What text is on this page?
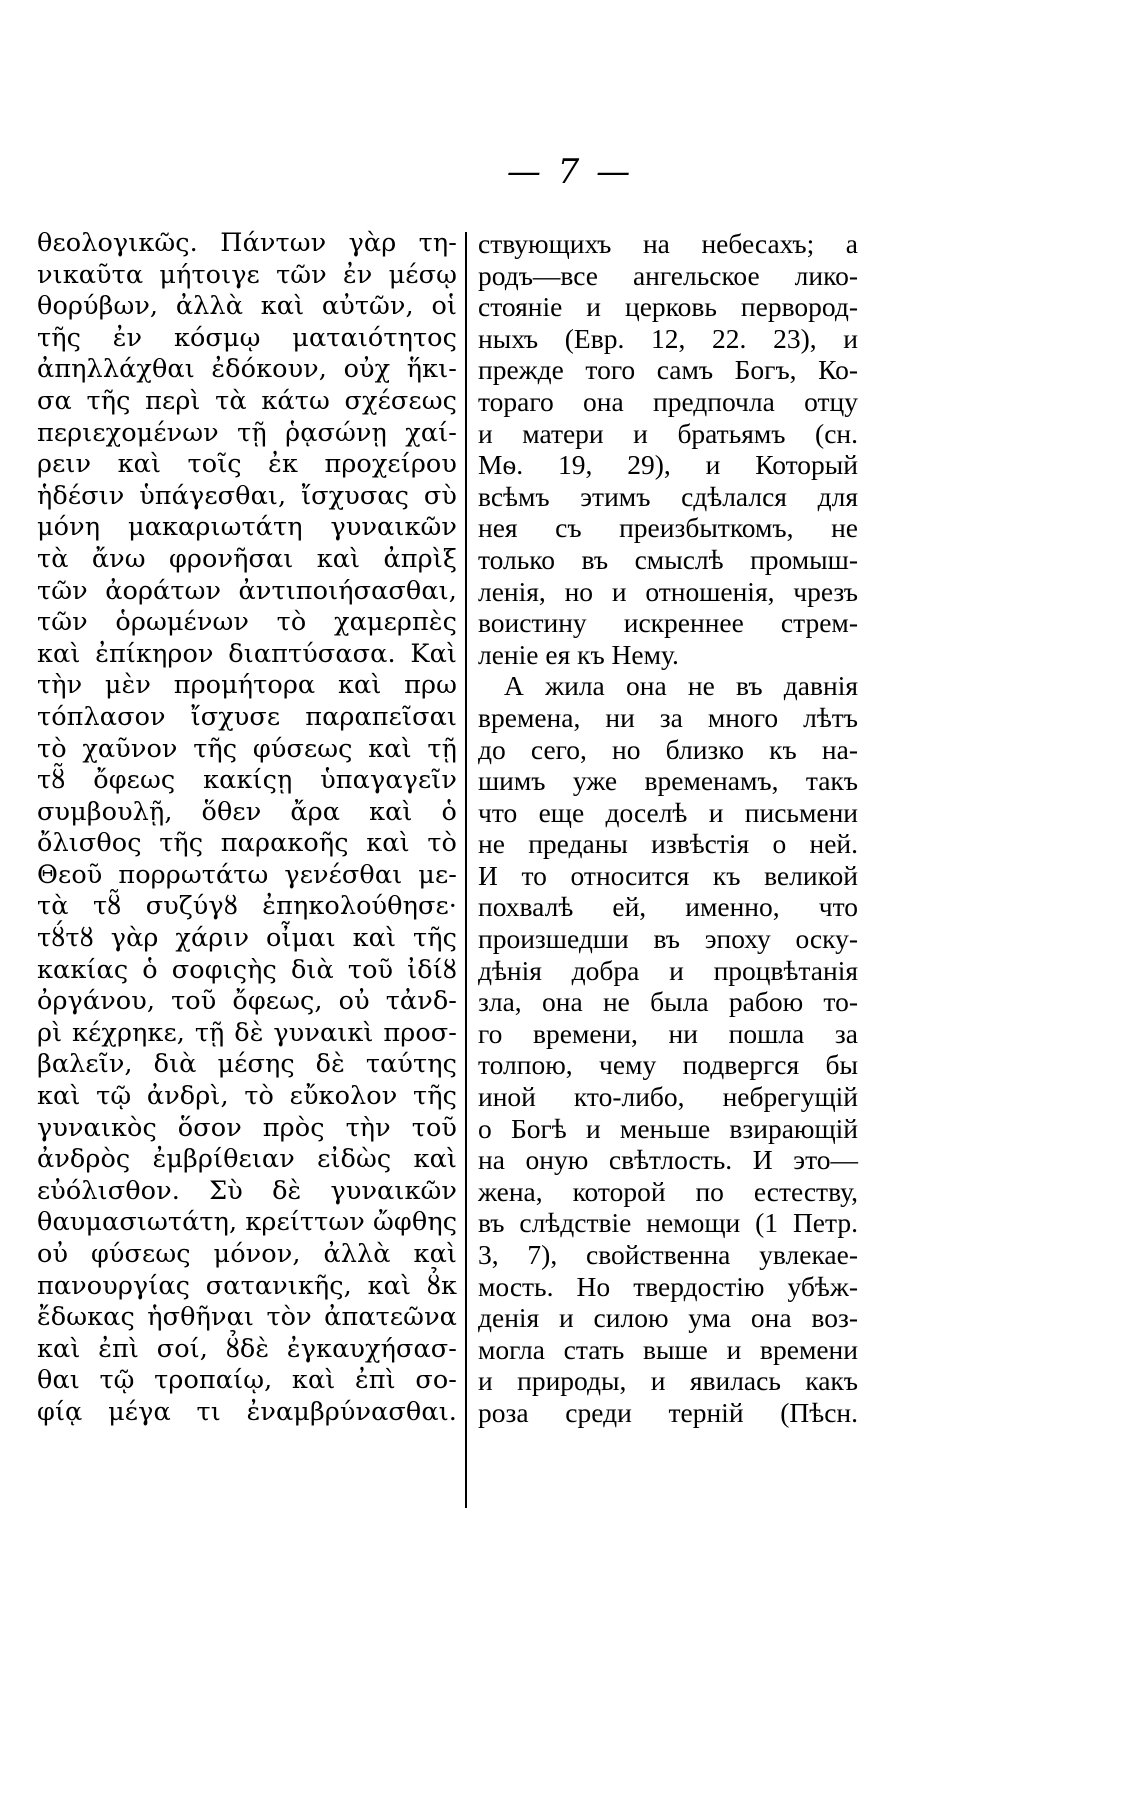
— 7 —
θεολογικῶς. Πάντων γὰρ τη-
νικαῦτα μήτοιγε τῶν ἐν μέσῳ
θορύβων, ἀλλὰ καὶ αὐτῶν, οἱ
τῆς ἐν κόσμῳ ματαιότητος
ἀπηλλάχθαι ἐδόκουν, οὐχ ἥκι-
σα τῆς περὶ τὰ κάτω σχέσεως
περιεχομένων τῇ ῥᾳσώνῃ χαί-
ρειν καὶ τοῖς ἐκ προχείρου
ἡδέσιν ὑπάγεσθαι, ἴσχυσας σὺ
μόνη μακαριωτάτη γυναικῶν
τὰ ἄνω φρονῆσαι καὶ ἀπρὶξ
τῶν ἀοράτων ἀντιποιήσασθαι,
τῶν ὁρωμένων τὸ χαμερπὲς
καὶ ἐπίκηρον διαπτύσασα. Καὶ
τὴν μὲν προμήτορα καὶ πρω
τόπλασον ἴσχυσε παραπεῖσαι
τὸ χαῦνον τῆς φύσεως καὶ τῇ
τȣ̃ ὄφεως κακίςῃ ὑπαγαγεῖν
συμβουλῇ, ὅθεν ἄρα καὶ ὁ
ὄλισθος τῆς παρακοῆς καὶ τὸ
Θεοῦ πορρωτάτω γενέσθαι με-
τὰ τȣ̃ συζύγȣ ἐπηκολούθησε·
τȣ́τȣ γὰρ χάριν οἶμαι καὶ τῆς
κακίας ὁ σοφιςὴς διὰ τοῦ ἰδίȣ
ὀργάνου, τοῦ ὄφεως, οὐ τἀνδ-
ρὶ κέχρηκε, τῇ δὲ γυναικὶ προσ-
βαλεῖν, διὰ μέσης δὲ ταύτης
καὶ τῷ ἀνδρὶ, τὸ εὔκολον τῆς
γυναικὸς ὅσον πρὸς τὴν τοῦ
ἀνδρὸς ἐμβρίθειαν εἰδὼς καὶ
εὐόλισθον. Σὺ δὲ γυναικῶν
θαυμασιωτάτη, κρείττων ὤφθης
οὐ φύσεως μόνον, ἀλλὰ καὶ
πανουργίας σατανικῆς, καὶ ȣ̉κ
ἔδωκας ἡσθῆναι τὸν ἀπατεῶνα
καὶ ἐπὶ σοί, ȣ̉δὲ ἐγκαυχήσασ-
θαι τῷ τροπαίῳ, καὶ ἐπὶ σο-
φίᾳ μέγα τι ἐναμβρύνασθαι.
ствующихъ на небесахъ; а
родъ—все ангельское лико-
стоянiе и церковь первород-
ныхъ (Евр. 12, 22. 23), и
прежде того самъ Богъ, Ко-
тораго она предпочла отцу
и матери и братьямъ (сн.
Мѳ. 19, 29), и Который
всѣмъ этимъ сдѣлался для
нея съ преизбыткомъ, не
только въ смыслѣ промыш-
ленiя, но и отношенiя, чрезъ
воистину искреннее стрем-
ленiе ея къ Нему.
А жила она не въ давнiя
времена, ни за много лѣтъ
до сего, но близко къ на-
шимъ уже временамъ, такъ
что еще доселѣ и письмени
не преданы извѣстiя о ней.
И то относится къ великой
похвалѣ ей, именно, что
произшедши въ эпоху оску-
дѣнiя добра и процвѣтанiя
зла, она не была рабою то-
го времени, ни пошла за
толпою, чему подвергся бы
иной кто-либо, небрегущiй
о Богѣ и меньше взирающiй
на оную свѣтлость. И это—
жена, которой по естеству,
въ слѣдствiе немощи (1 Петр.
3, 7), свойственна увлекае-
мость. Но твердостiю убѣж-
денiя и силою ума она воз-
могла стать выше и времени
и природы, и явилась какъ
роза среди тернiй (Пѣсн.
